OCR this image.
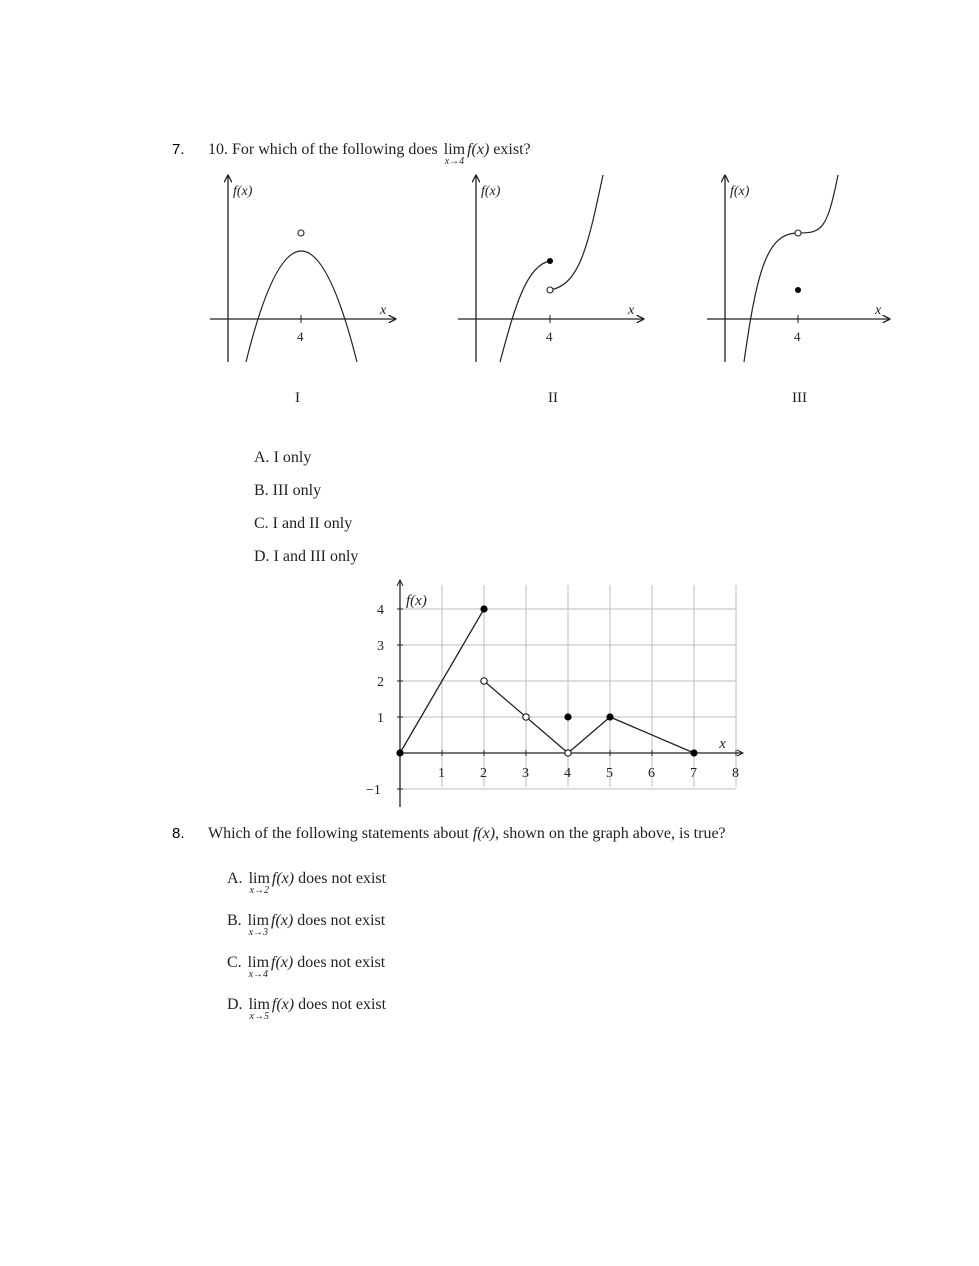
7. 10. For which of the following does lim
x→4
f(x) exist?
f(x)
x
4
I
f(x)
x
4
II
f(x)
x
4
III
A. I only
B. III only
C. I and II only
D. I and III only
1	2	3	4	5	6	7	8
4
3
2
1
−1
f(x)
x
8. Which of the following statements about f(x), shown on the graph above, is true?
A. lim
x→2
f(x) does not exist
B. lim
x→3
f(x) does not exist
C. lim
x→4
f(x) does not exist
D. lim
x→5
f(x) does not exist
